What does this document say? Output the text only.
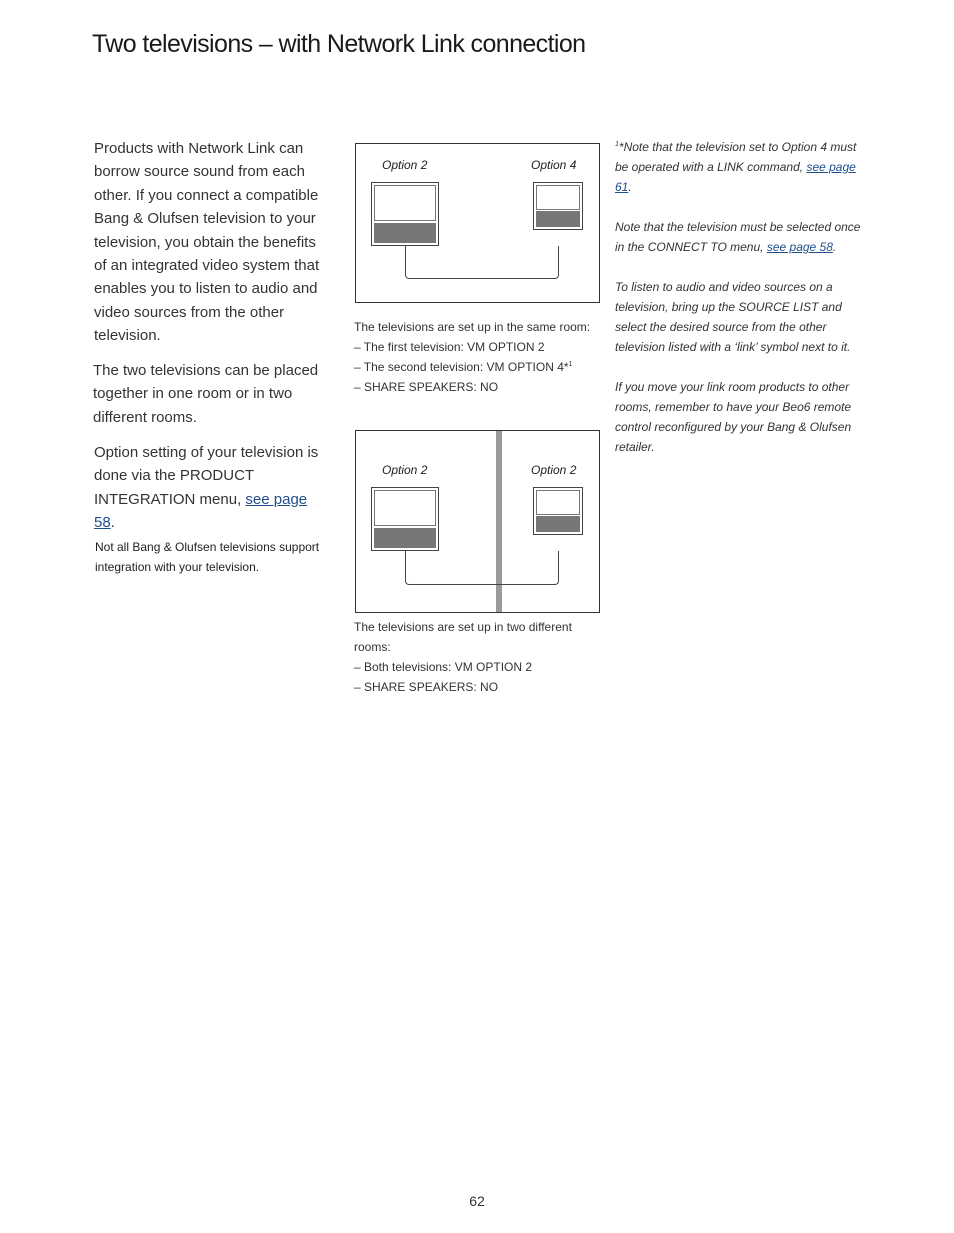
Two televisions – with Network Link connection

Products with Network Link can borrow source sound from each other. If you connect a compatible Bang & Olufsen television to your television, you obtain the benefits of an integrated video system that enables you to listen to audio and video sources from the other television.

The two televisions can be placed together in one room or in two different rooms.

Option setting of your television is done via the PRODUCT INTEGRATION menu, see page 58.

Not all Bang & Olufsen televisions support integration with your television.
Option 2	Option 4
The televisions are set up in the same room:
– The first television: VM OPTION 2
– The second television: VM OPTION 4*$^1$
– SHARE SPEAKERS: NO
Option 2	Option 2
The televisions are set up in two different
rooms:
– Both televisions: VM OPTION 2
– SHARE SPEAKERS: NO

$^1$*Note that the television set to Option 4 must be operated with a LINK command, see page 61.

Note that the television must be selected once in the CONNECT TO menu, see page 58.

To listen to audio and video sources on a television, bring up the SOURCE LIST and select the desired source from the other television listed with a ‘link’ symbol next to it.

If you move your link room products to other rooms, remember to have your Beo6 remote control reconfigured by your Bang & Olufsen retailer.

62
